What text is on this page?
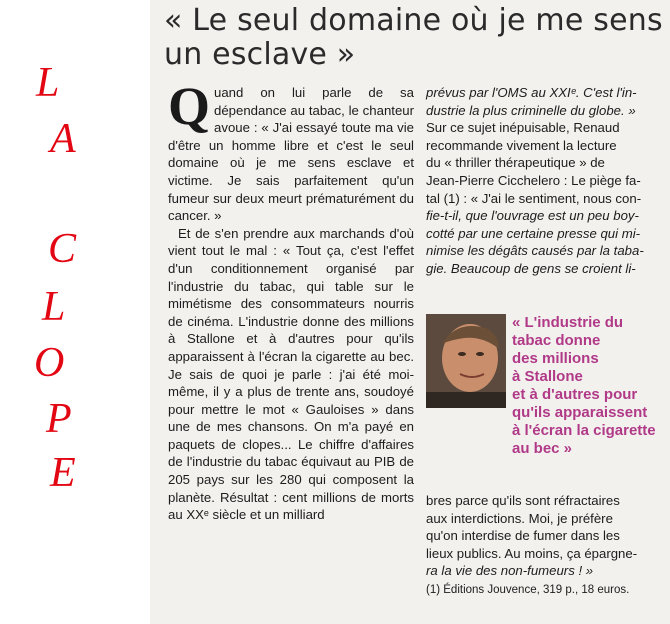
L
A
C
L
O
P
E
« Le seul domaine où je me sens un esclave »

Quand on lui parle de sa dépendance au tabac, le chanteur avoue : « J'ai essayé toute ma vie d'être un homme libre et c'est le seul domaine où je me sens esclave et victime. Je sais parfaitement qu'un fumeur sur deux meurt prématurément du cancer. »

Et de s'en prendre aux marchands d'où vient tout le mal : « Tout ça, c'est l'effet d'un conditionnement organisé par l'industrie du tabac, qui table sur le mimétisme des consommateurs nourris de cinéma. L'industrie donne des millions à Stallone et à d'autres pour qu'ils apparaissent à l'écran la cigarette au bec. Je sais de quoi je parle : j'ai été moi-même, il y a plus de trente ans, soudoyé pour mettre le mot « Gauloises » dans une de mes chansons. On m'a payé en paquets de clopes... Le chiffre d'affaires de l'industrie du tabac équivaut au PIB de 205 pays sur les 280 qui composent la planète. Résultat : cent millions de morts au XXᵉ siècle et un milliard

prévus par l'OMS au XXIᵉ. C'est l'in-
dustrie la plus criminelle du globe. »
Sur ce sujet inépuisable, Renaud
recommande vivement la lecture
du « thriller thérapeutique » de
Jean-Pierre Cicchelero : Le piège fa-
tal (1) : « J'ai le sentiment, nous con-
fie-t-il, que l'ouvrage est un peu boy-
cotté par une certaine presse qui mi-
nimise les dégâts causés par la taba-
gie. Beaucoup de gens se croient li-
« L'industrie du
tabac donne
des millions
à Stallone
et à d'autres pour
qu'ils apparaissent
à l'écran la cigarette
au bec »
bres parce qu'ils sont réfractaires
aux interdictions. Moi, je préfère
qu'on interdise de fumer dans les
lieux publics. Au moins, ça épargne-
ra la vie des non-fumeurs ! »
(1) Éditions Jouvence, 319 p., 18 euros.
